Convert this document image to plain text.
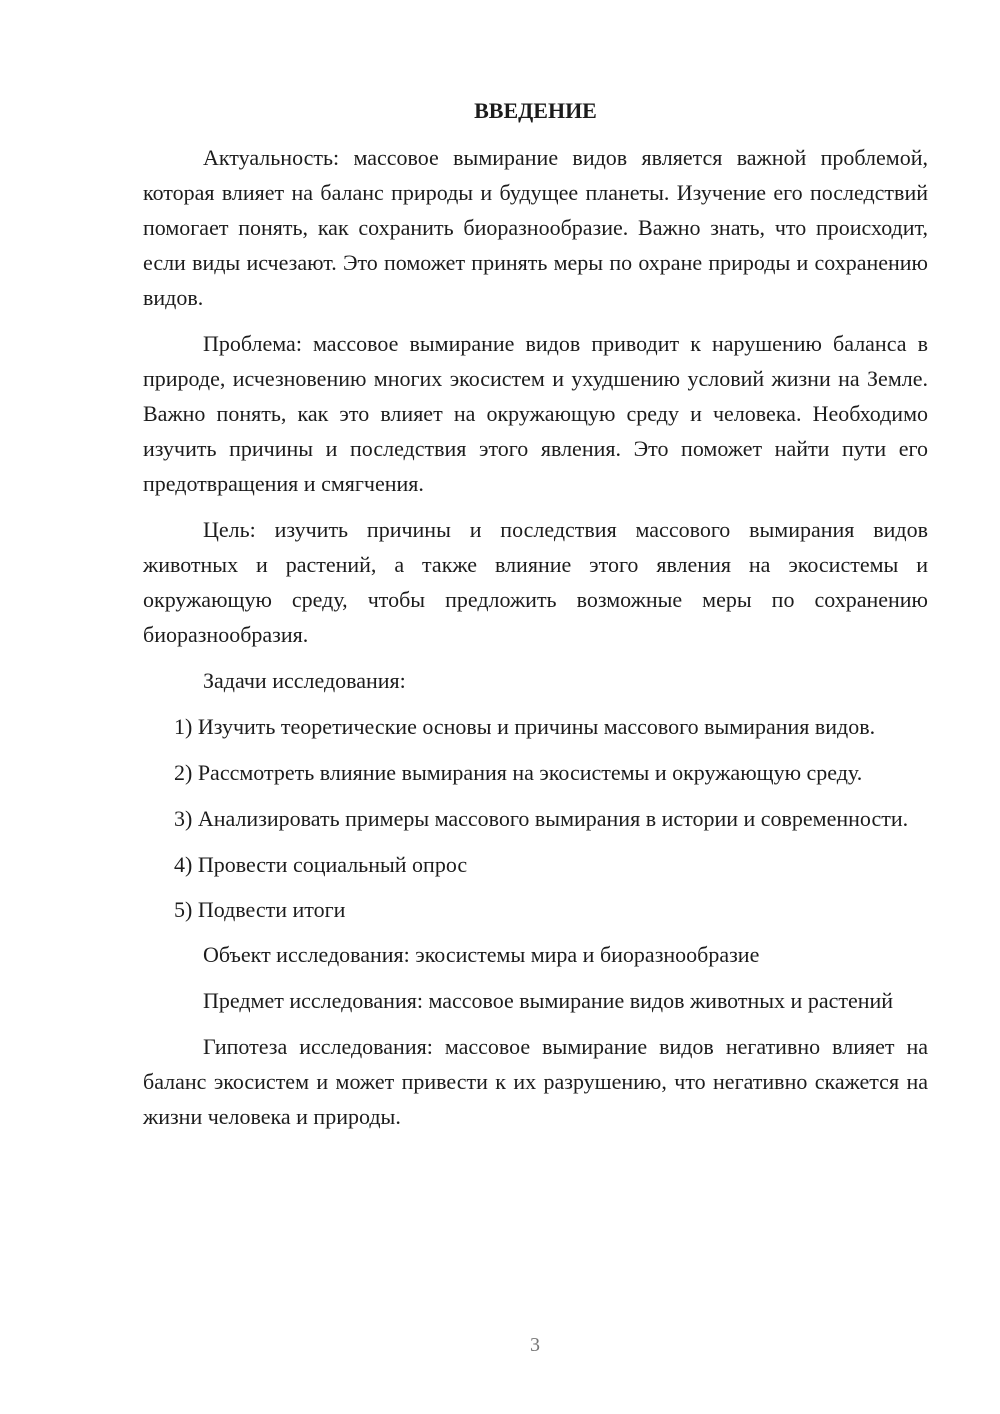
ВВЕДЕНИЕ

Актуальность: массовое вымирание видов является важной проблемой, которая влияет на баланс природы и будущее планеты. Изучение его последствий помогает понять, как сохранить биоразнообразие. Важно знать, что происходит, если виды исчезают. Это поможет принять меры по охране природы и сохранению видов.

Проблема: массовое вымирание видов приводит к нарушению баланса в природе, исчезновению многих экосистем и ухудшению условий жизни на Земле. Важно понять, как это влияет на окружающую среду и человека. Необходимо изучить причины и последствия этого явления. Это поможет найти пути его предотвращения и смягчения.

Цель: изучить причины и последствия массового вымирания видов животных и растений, а также влияние этого явления на экосистемы и окружающую среду, чтобы предложить возможные меры по сохранению биоразнообразия.

Задачи исследования:

1) Изучить теоретические основы и причины массового вымирания видов.

2) Рассмотреть влияние вымирания на экосистемы и окружающую среду.

3) Анализировать примеры массового вымирания в истории и современности.

4) Провести социальный опрос

5) Подвести итоги

Объект исследования: экосистемы мира и биоразнообразие

Предмет исследования: массовое вымирание видов животных и растений

Гипотеза исследования: массовое вымирание видов негативно влияет на баланс экосистем и может привести к их разрушению, что негативно скажется на жизни человека и природы.

3
